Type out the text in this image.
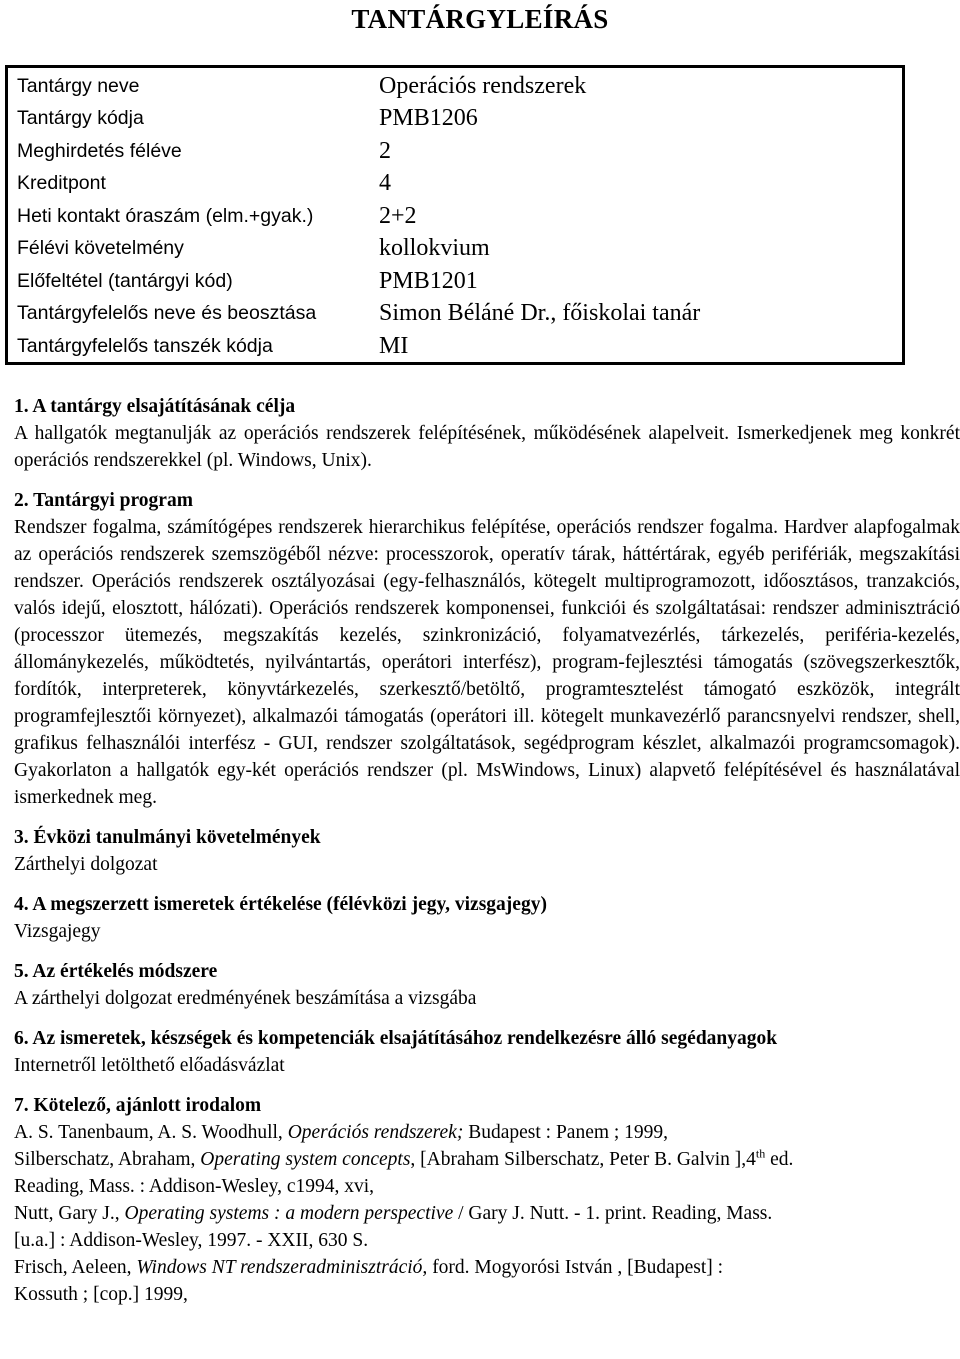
TANTÁRGYLEÍRÁS
Tantárgy neve	Operációs rendszerek
Tantárgy kódja	PMB1206
Meghirdetés féléve	2
Kreditpont	4
Heti kontakt óraszám (elm.+gyak.)	2+2
Félévi követelmény	kollokvium
Előfeltétel (tantárgyi kód)	PMB1201
Tantárgyfelelős neve és beosztása	Simon Béláné Dr., főiskolai tanár
Tantárgyfelelős tanszék kódja	MI
1. A tantárgy elsajátításának célja
A hallgatók megtanulják az operációs rendszerek felépítésének, működésének alapelveit. Ismerkedjenek meg konkrét operációs rendszerekkel (pl. Windows, Unix).
2. Tantárgyi program
Rendszer fogalma, számítógépes rendszerek hierarchikus felépítése, operációs rendszer fogalma. Hardver alapfogalmak az operációs rendszerek szemszögéből nézve: processzorok, operatív tárak, háttértárak, egyéb perifériák, megszakítási rendszer. Operációs rendszerek osztályozásai (egy-felhasználós, kötegelt multiprogramozott, időosztásos, tranzakciós, valós idejű, elosztott, hálózati). Operációs rendszerek komponensei, funkciói és szolgáltatásai: rendszer adminisztráció (processzor ütemezés, megszakítás kezelés, szinkronizáció, folyamatvezérlés, tárkezelés, periféria-kezelés, állománykezelés, működtetés, nyilvántartás, operátori interfész), program-fejlesztési támogatás (szövegszerkesztők, fordítók, interpreterek, könyvtárkezelés, szerkesztő/betöltő, programtesztelést támogató eszközök, integrált programfejlesztői környezet), alkalmazói támogatás (operátori ill. kötegelt munkavezérlő parancsnyelvi rendszer, shell, grafikus felhasználói interfész - GUI, rendszer szolgáltatások, segédprogram készlet, alkalmazói programcsomagok). Gyakorlaton a hallgatók egy-két operációs rendszer (pl. MsWindows, Linux) alapvető felépítésével és használatával ismerkednek meg.
3. Évközi tanulmányi követelmények
Zárthelyi dolgozat
4. A megszerzett ismeretek értékelése (félévközi jegy, vizsgajegy)
Vizsgajegy
5. Az értékelés módszere
A zárthelyi dolgozat eredményének beszámítása a vizsgába
6. Az ismeretek, készségek és kompetenciák elsajátításához rendelkezésre álló segédanyagok
Internetről letölthető előadásvázlat
7. Kötelező, ajánlott irodalom
A. S. Tanenbaum, A. S. Woodhull, Operációs rendszerek; Budapest : Panem ; 1999,
Silberschatz, Abraham, Operating system concepts, [Abraham Silberschatz, Peter B. Galvin ],4th ed.
Reading, Mass. : Addison-Wesley, c1994, xvi,
Nutt, Gary J., Operating systems : a modern perspective / Gary J. Nutt. - 1. print. Reading, Mass.
[u.a.] : Addison-Wesley, 1997. - XXII, 630 S.
Frisch, Aeleen, Windows NT rendszeradminisztráció, ford. Mogyorósi István , [Budapest] :
Kossuth ; [cop.] 1999,
